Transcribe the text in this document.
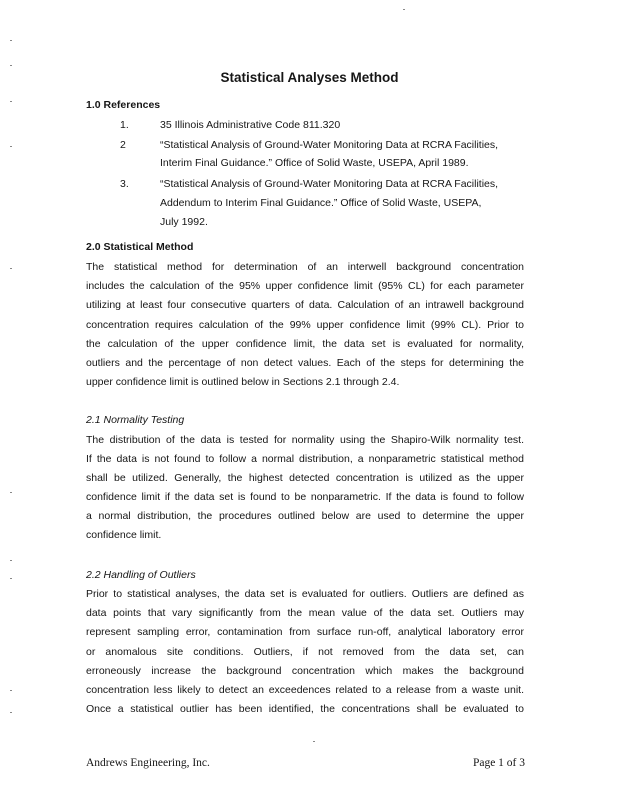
Statistical Analyses Method
1.0 References
1.	35 Illinois Administrative Code 811.320
2	“Statistical Analysis of Ground-Water Monitoring Data at RCRA Facilities,
Interim Final Guidance.” Office of Solid Waste, USEPA, April 1989.
3.	“Statistical Analysis of Ground-Water Monitoring Data at RCRA Facilities,
Addendum to Interim Final Guidance.” Office of Solid Waste, USEPA,
July 1992.
2.0 Statistical Method
The statistical method for determination of an interwell background concentration
includes the calculation of the 95% upper confidence limit (95% CL) for each parameter
utilizing at least four consecutive quarters of data. Calculation of an intrawell background
concentration requires calculation of the 99% upper confidence limit (99% CL). Prior to
the calculation of the upper confidence limit, the data set is evaluated for normality,
outliers and the percentage of non detect values. Each of the steps for determining the
upper confidence limit is outlined below in Sections 2.1 through 2.4.
2.1 Normality Testing
The distribution of the data is tested for normality using the Shapiro-Wilk normality test.
If the data is not found to follow a normal distribution, a nonparametric statistical method
shall be utilized. Generally, the highest detected concentration is utilized as the upper
confidence limit if the data set is found to be nonparametric. If the data is found to follow
a normal distribution, the procedures outlined below are used to determine the upper
confidence limit.
2.2 Handling of Outliers
Prior to statistical analyses, the data set is evaluated for outliers. Outliers are defined as
data points that vary significantly from the mean value of the data set. Outliers may
represent sampling error, contamination from surface run-off, analytical laboratory error
or anomalous site conditions. Outliers, if not removed from the data set, can
erroneously increase the background concentration which makes the background
concentration less likely to detect an exceedences related to a release from a waste unit.
Once a statistical outlier has been identified, the concentrations shall be evaluated to
Andrews Engineering, Inc.	Page 1 of 3
